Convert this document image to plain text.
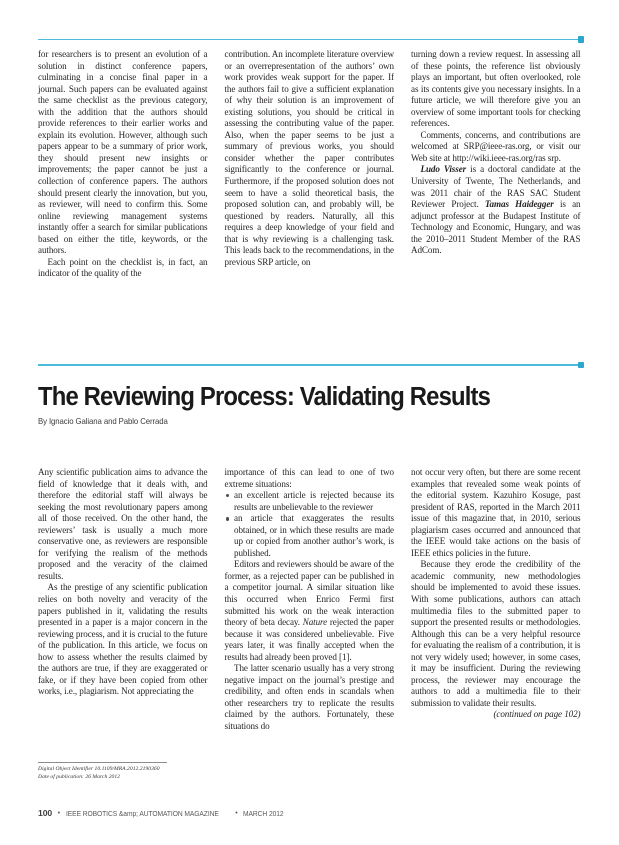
for researchers is to present an evolution of a solution in distinct conference papers, culminating in a concise final paper in a journal. Such papers can be evaluated against the same checklist as the previous category, with the addition that the authors should provide references to their earlier works and explain its evolution. However, although such papers appear to be a summary of prior work, they should present new insights or improvements; the paper cannot be just a collection of conference papers. The authors should present clearly the innovation, but you, as reviewer, will need to confirm this. Some online reviewing management systems instantly offer a search for similar publications based on either the title, keywords, or the authors.

Each point on the checklist is, in fact, an indicator of the quality of the

contribution. An incomplete literature overview or an overrepresentation of the authors’ own work provides weak support for the paper. If the authors fail to give a sufficient explanation of why their solution is an improvement of existing solutions, you should be critical in assessing the contributing value of the paper. Also, when the paper seems to be just a summary of previous works, you should consider whether the paper contributes significantly to the conference or journal. Furthermore, if the proposed solution does not seem to have a solid theoretical basis, the proposed solution can, and probably will, be questioned by readers. Naturally, all this requires a deep knowledge of your field and that is why reviewing is a challenging task. This leads back to the recommendations, in the previous SRP article, on

turning down a review request. In assessing all of these points, the reference list obviously plays an important, but often overlooked, role as its contents give you necessary insights. In a future article, we will therefore give you an overview of some important tools for checking references.

Comments, concerns, and contributions are welcomed at SRP@ieee-ras.org, or visit our Web site at http://wiki.ieee-ras.org/ras srp.

Ludo Visser is a doctoral candidate at the University of Twente, The Netherlands, and was 2011 chair of the RAS SAC Student Reviewer Project. Tamas Haidegger is an adjunct professor at the Budapest Institute of Technology and Economic, Hungary, and was the 2010–2011 Student Member of the RAS AdCom.

The Reviewing Process: Validating Results
By Ignacio Galiana and Pablo Cerrada

Any scientific publication aims to advance the field of knowledge that it deals with, and therefore the editorial staff will always be seeking the most revolutionary papers among all of those received. On the other hand, the reviewers’ task is usually a much more conservative one, as reviewers are responsible for verifying the realism of the methods proposed and the veracity of the claimed results.

As the prestige of any scientific publication relies on both novelty and veracity of the papers published in it, validating the results presented in a paper is a major concern in the reviewing process, and it is crucial to the future of the publication. In this article, we focus on how to assess whether the results claimed by the authors are true, if they are exaggerated or fake, or if they have been copied from other works, i.e., plagiarism. Not appreciating the

importance of this can lead to one of two extreme situations:

an excellent article is rejected because its results are unbelievable to the reviewer
an article that exaggerates the results obtained, or in which these results are made up or copied from another author’s work, is published.

Editors and reviewers should be aware of the former, as a rejected paper can be published in a competitor journal. A similar situation like this occurred when Enrico Fermi first submitted his work on the weak interaction theory of beta decay. Nature rejected the paper because it was considered unbelievable. Five years later, it was finally accepted when the results had already been proved [1].

The latter scenario usually has a very strong negative impact on the journal’s prestige and credibility, and often ends in scandals when other researchers try to replicate the results claimed by the authors. Fortunately, these situations do

not occur very often, but there are some recent examples that revealed some weak points of the editorial system. Kazuhiro Kosuge, past president of RAS, reported in the March 2011 issue of this magazine that, in 2010, serious plagiarism cases occurred and announced that the IEEE would take actions on the basis of IEEE ethics policies in the future.

Because they erode the credibility of the academic community, new methodologies should be implemented to avoid these issues. With some publications, authors can attach multimedia files to the submitted paper to support the presented results or methodologies. Although this can be a very helpful resource for evaluating the realism of a contribution, it is not very widely used; however, in some cases, it may be insufficient. During the reviewing process, the reviewer may encourage the authors to add a multimedia file to their submission to validate their results.

(continued on page 102)

Digital Object Identifier 10.1109/MRA.2012.2190360
Date of publication: 26 March 2012
100 • IEEE ROBOTICS &amp; AUTOMATION MAGAZINE • MARCH 2012
